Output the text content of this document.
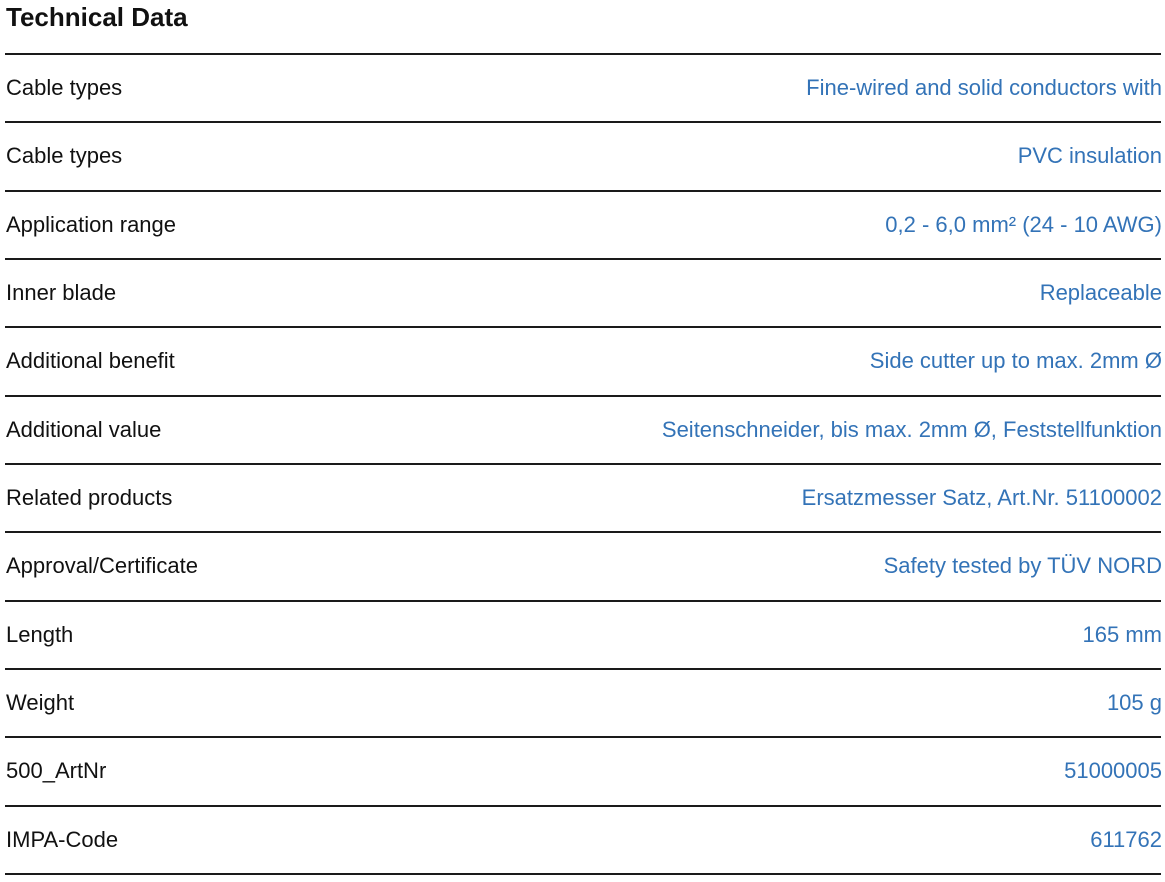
Technical Data
Cable types	Fine-wired and solid conductors with
Cable types	PVC insulation
Application range	0,2 - 6,0 mm² (24 - 10 AWG)
Inner blade	Replaceable
Additional benefit	Side cutter up to max. 2mm Ø
Additional value	Seitenschneider, bis max. 2mm Ø, Feststellfunktion
Related products	Ersatzmesser Satz, Art.Nr. 51100002
Approval/Certificate	Safety tested by TÜV NORD
Length	165 mm
Weight	105 g
500_ArtNr	51000005
IMPA-Code	611762
